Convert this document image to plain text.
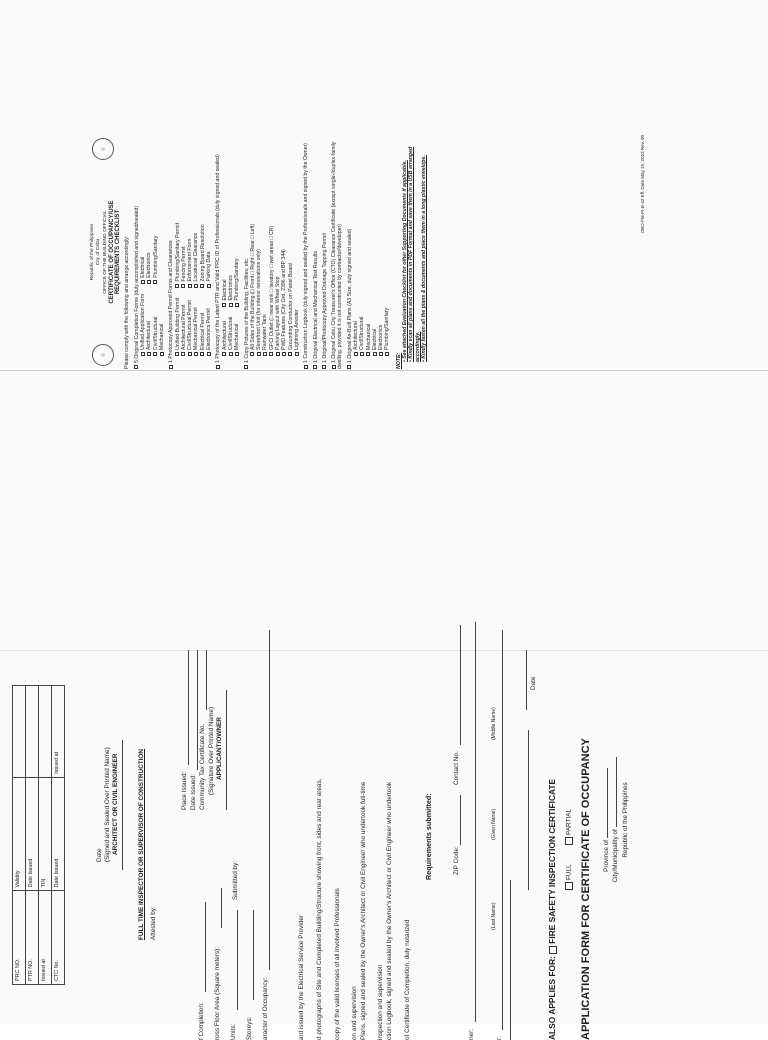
◎
◎
Republic of the Philippines City of Cebu OFFICE OF THE BUILDING OFFICIAL CERTIFICATE OF OCCUPANCY/USE REQUIREMENTS CHECKLIST Please comply with the following and arrange accordingly: 5 Original Completion Forms (duly accomplished and signed/sealed) Unified Application Form Architectural Civil/Structural Mechanical
Electrical Electronics Plumbing/Sanitary 1 Photocopy Approved Permit Forms and Clearances Unified Building Permit Architectural Permit Civil/Structural Permit Mechanical Permit Electrical Permit Electronics Permit
Plumbing/Sanitary Permit Fencing Permit Enforcement Form Locational Clearance Zoning Board Resolution Parking Data 1 Photocopy of the Latest PTR and Valid PRC ID of Professionals (duly signed and sealed) Architectural Civil/Structural Mechanical
Electrical Electronics Plumbing/Sanitary 1 Copy Pictures of the Building, Facilities, etc. All Sides of the Building (□ Front □ Right □ Rear □ Left) Storefront Unit (for interior renovations only) Rainwater Tank GFCI Outlet (□ near sink □ lavatory □ wet areas □ CR) Parking Layout with Wheel Stop PWD Features (City Ord. 2396 and BP 344) Grounding Conductor on Panel Board Lightning Arrester 1 Construction Logbook (duly signed and sealed by the Professionals and signed by the Owner) 1 Original Electrical and Mechanical Test Results 1 Original/Photocopy Approved Drainage Tapping Permit 1 Original Cebu City Treasurer's Office (CTO) Clearance Certificate (except single-/duplex-family dwelling, provided it is not constructed by contractor/developer) 1 Original As-Built Plans (A3 Size, duly signed and sealed) Architectural Civil/Structural Mechanical Electrical Electronics Plumbing/Sanitary
NOTE: • See attached Evaluation Checklist for other Supporting Documents if applicable.
• Kindly scan all plans and documents in PDF Format and save them in a USB arranged accordingly. • Kindly fasten all the plans & documents and place them in a long plastic envelope.	OBO-FM-PI-B-42 Eff. Date May 15, 2023 Rev. 00
Republic of the Philippines
City/Municipality of
Province of
APPLICATION FORM FOR CERTIFICATE OF OCCUPANCY
FULL
PARTIAL
ALSO APPLIES FOR: FIRE SAFETY INSPECTION CERTIFICATE
Date
r:
(Last Name)
(Given Name)
(Middle Name)
ner:
ZIP Code:
Contact No.
Requirements submitted:
of Certificate of Completion, duly notarized
ction Logbook, signed and sealed by the Owner's Architect or Civil Engineer who undertook
inspection and supervision
Plans, signed and sealed by the Owner's Architect or Civil Engineer who undertook full-time
on and supervision
copy of the valid licenses of all involved Professionals
d photographs of Site and Completed Building/Structure showing front, sides and rear areas,
ard issued by the Electrical Service Provider
aracter of Occupancy:
Storeys:
Units:
ross Floor Area (Square meters):
f Completion:
Submitted by:
APPLICANT/OWNER
(Signature Over Printed Name)
Community Tax Certificate No.
Date Issued:
Place Issued:
Attested by:
FULL TIME INSPECTOR OR SUPERVISOR OF CONSTRUCTION
ARCHITECT OR CIVIL ENGINEER
(Signed and Sealed Over Printed Name)
Date
PRC NO.	Validity	
PTR NO.	Date Issued	
Issued at	TIN	
CTC No.	Date Issued	Issued at
